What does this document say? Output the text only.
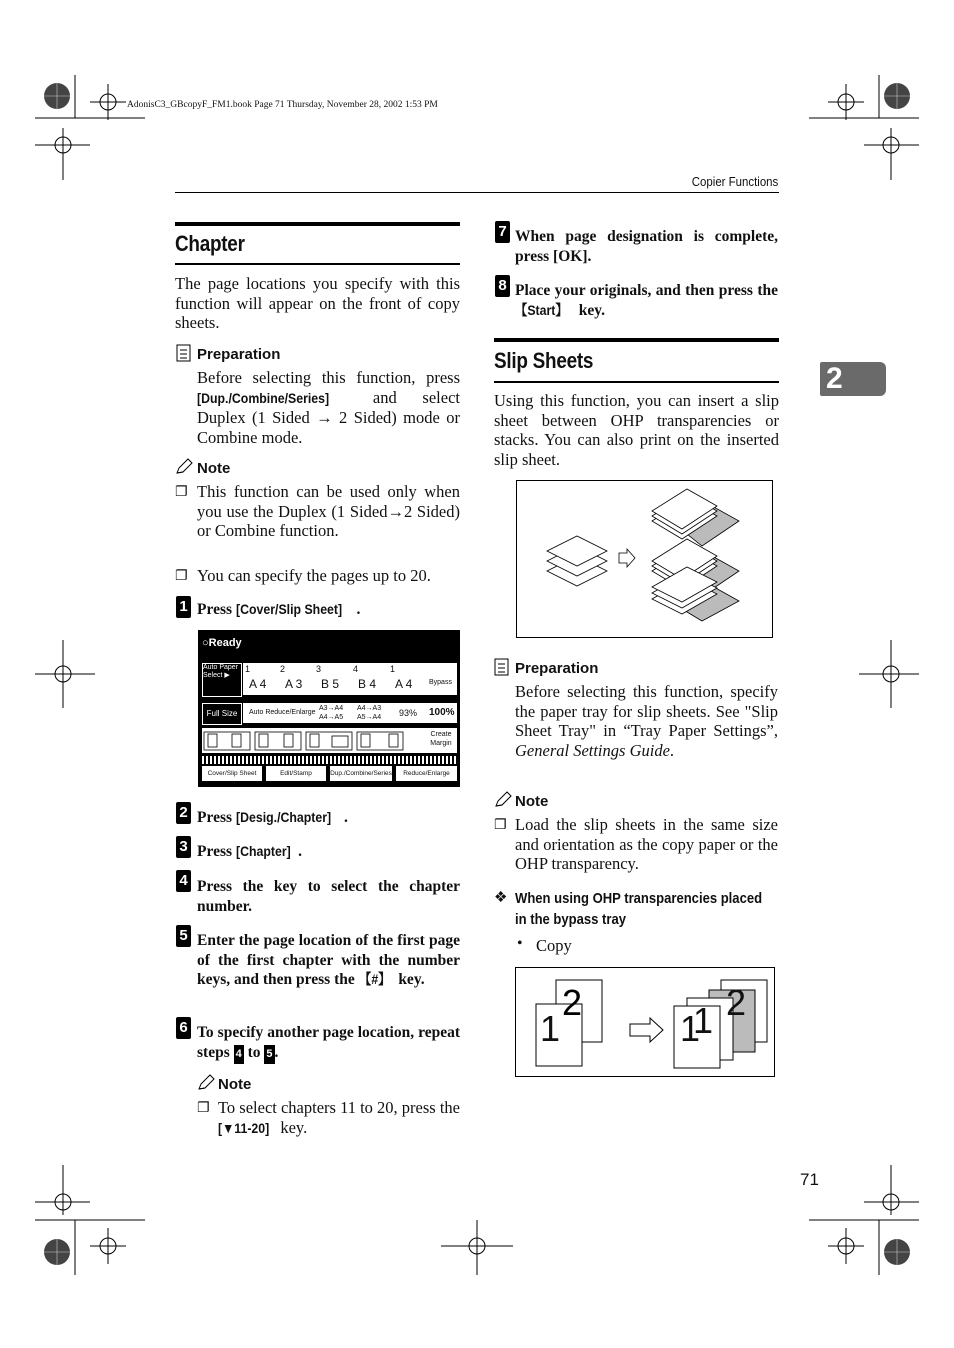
AdonisC3_GBcopyF_FM1.book Page 71 Thursday, November 28, 2002 1:53 PM
Copier Functions
2
Chapter
The page locations you specify with this function will appear on the front of copy sheets.
Preparation
Before selecting this function, press [Dup./Combine/Series]	and select Duplex (1 Sided → 2 Sided) mode or Combine mode.
Note
❐ This function can be used only when you use the Duplex (1 Sided→2 Sided) or Combine function.
❐ You can specify the pages up to 20.
1 Press [Cover/Slip Sheet] .
○Ready
Auto Paper Select ▶
1	2	3	4	1
A 4 A 3 B 5 B 4 A 4 Bypass
Full Size	Auto Reduce/Enlarge
A3→A4 A4→A5
A4→A3 A5→A4	93% 100%
Create Margin
Cover/Slip Sheet	Edit/Stamp	Dup./Combine/Series	Reduce/Enlarge
2 Press [Desig./Chapter] .
3 Press [Chapter] .
4 Press the key to select the chapter number.
5 Enter the page location of the first page of the first chapter with the number keys, and then press the 【#】 key.
6 To specify another page location, repeat steps 4 to 5 .
Note
❐ To select chapters 11 to 20, press the [▼11-20] key.
7 When page designation is complete, press [OK].
8 Place your originals, and then press the 【Start】 key.
Slip Sheets
Using this function, you can insert a slip sheet between OHP transparencies or stacks. You can also print on the inserted slip sheet.
Preparation
Before selecting this function, specify the paper tray for slip sheets. See "Slip Sheet Tray" in “Tray Paper Settings”, General Settings Guide.
Note
❐ Load the slip sheets in the same size and orientation as the copy paper or the OHP transparency.
❖ When using OHP transparencies placed in the bypass tray
• Copy
2
1
2
1
1
71
